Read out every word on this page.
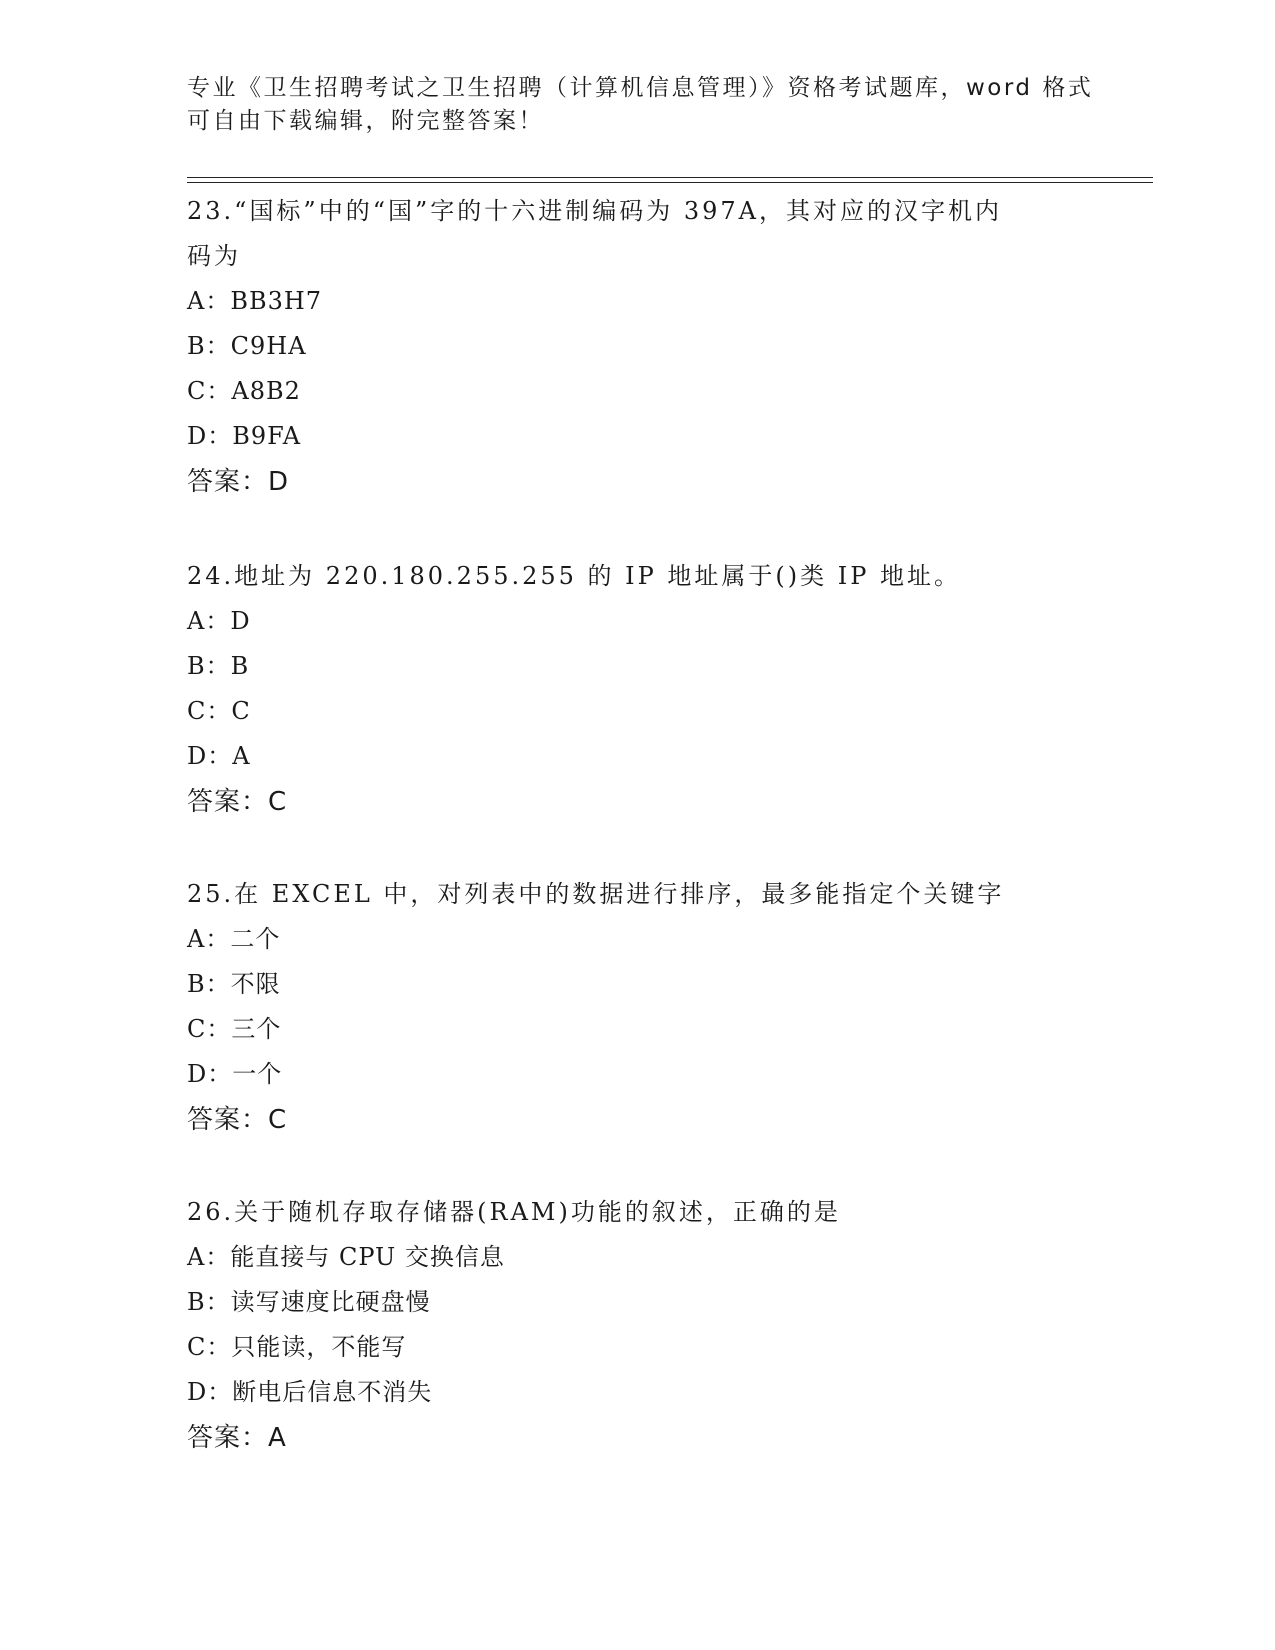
专业《卫生招聘考试之卫生招聘（计算机信息管理）》资格考试题库，word 格式
可自由下载编辑，附完整答案！

23.“国标”中的“国”字的十六进制编码为 397A，其对应的汉字机内
码为

A：BB3H7

B：C9HA

C：A8B2

D：B9FA

答案：D

24.地址为 220.180.255.255 的 IP 地址属于()类 IP 地址。

A：D

B：B

C：C

D：A

答案：C

25.在 EXCEL 中，对列表中的数据进行排序，最多能指定个关键字

A：二个

B：不限

C：三个

D：一个

答案：C

26.关于随机存取存储器(RAM)功能的叙述，正确的是

A：能直接与 CPU 交换信息

B：读写速度比硬盘慢

C：只能读，不能写

D：断电后信息不消失

答案：A
